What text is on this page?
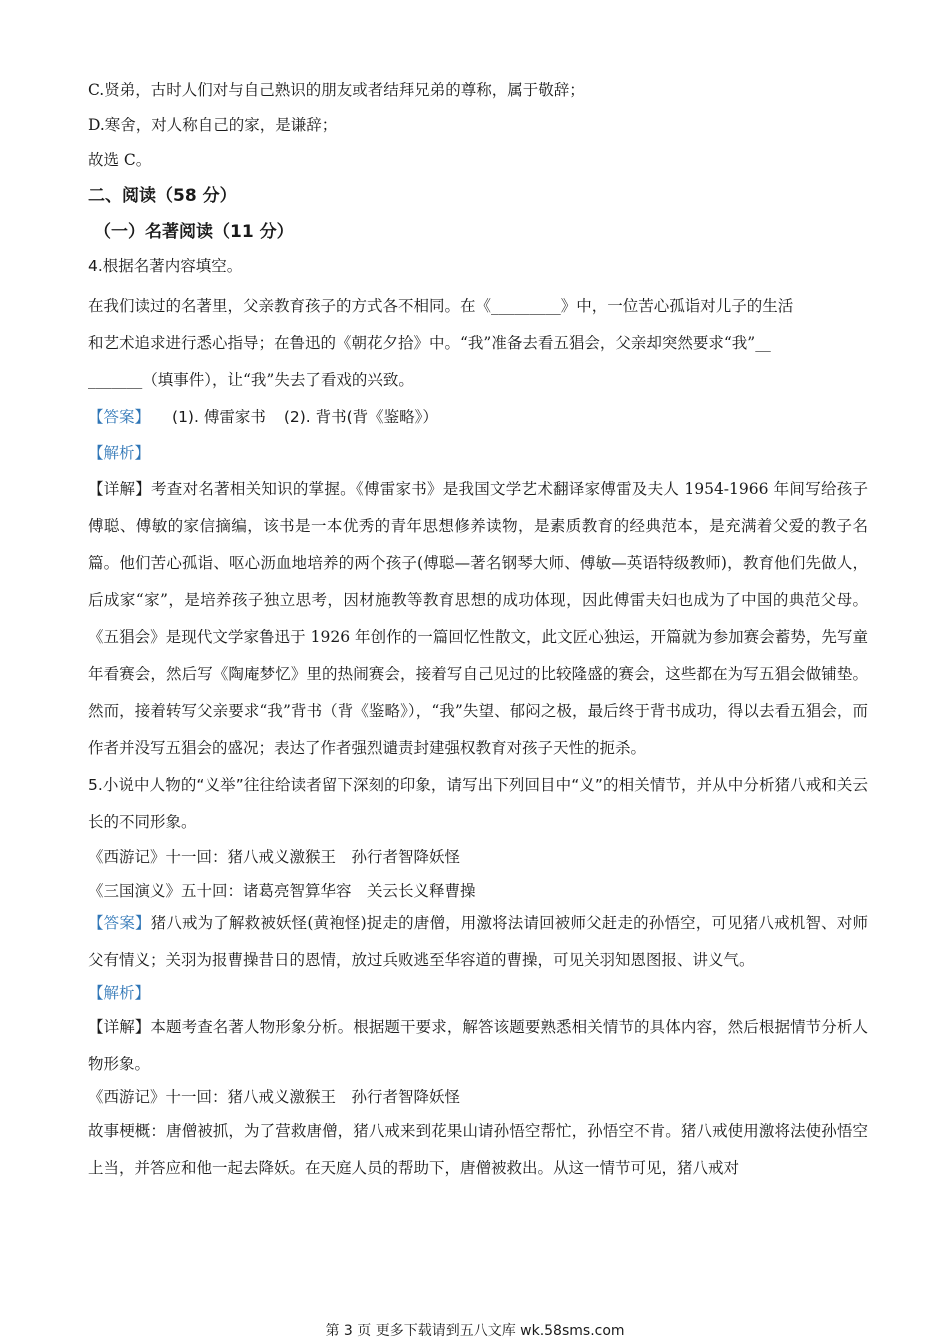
C.贤弟，古时人们对与自己熟识的朋友或者结拜兄弟的尊称，属于敬辞；
D.寒舍，对人称自己的家，是谦辞；
故选 C。
二、阅读（58 分）
（一）名著阅读（11 分）
4.根据名著内容填空。
在我们读过的名著里，父亲教育孩子的方式各不相同。在《_________》中，一位苦心孤诣对儿子的生活
和艺术追求进行悉心指导；在鲁迅的《朝花夕拾》中。“我”准备去看五猖会，父亲却突然要求“我”__
_______（填事件），让“我”失去了看戏的兴致。
【答案】 (1). 傅雷家书 (2). 背书(背《鉴略》）
【解析】
【详解】考查对名著相关知识的掌握。《傅雷家书》是我国文学艺术翻译家傅雷及夫人 1954-1966 年间写给孩子傅聪、傅敏的家信摘编，该书是一本优秀的青年思想修养读物，是素质教育的经典范本，是充满着父爱的教子名篇。他们苦心孤诣、呕心沥血地培养的两个孩子(傅聪—著名钢琴大师、傅敏—英语特级教师)，教育他们先做人，后成家“家”，是培养孩子独立思考，因材施教等教育思想的成功体现，因此傅雷夫妇也成为了中国的典范父母。《五猖会》是现代文学家鲁迅于 1926 年创作的一篇回忆性散文，此文匠心独运，开篇就为参加赛会蓄势，先写童年看赛会，然后写《陶庵梦忆》里的热闹赛会，接着写自己见过的比较隆盛的赛会，这些都在为写五猖会做铺垫。然而，接着转写父亲要求“我”背书（背《鉴略》），“我”失望、郁闷之极，最后终于背书成功，得以去看五猖会，而作者并没写五猖会的盛况；表达了作者强烈谴责封建强权教育对孩子天性的扼杀。
5.小说中人物的“义举”往往给读者留下深刻的印象，请写出下列回目中“义”的相关情节，并从中分析猪八戒和关云长的不同形象。
《西游记》十一回：猪八戒义激猴王　孙行者智降妖怪
《三国演义》五十回：诸葛亮智算华容　关云长义释曹操
【答案】猪八戒为了解救被妖怪(黄袍怪)捉走的唐僧，用激将法请回被师父赶走的孙悟空，可见猪八戒机智、对师父有情义；关羽为报曹操昔日的恩情，放过兵败逃至华容道的曹操，可见关羽知恩图报、讲义气。
【解析】
【详解】本题考查名著人物形象分析。根据题干要求，解答该题要熟悉相关情节的具体内容，然后根据情节分析人物形象。
《西游记》十一回：猪八戒义激猴王　孙行者智降妖怪
故事梗概：唐僧被抓，为了营救唐僧，猪八戒来到花果山请孙悟空帮忙，孙悟空不肯。猪八戒使用激将法使孙悟空上当，并答应和他一起去降妖。在天庭人员的帮助下，唐僧被救出。从这一情节可见，猪八戒对
第 3 页 更多下载请到五八文库 wk.58sms.com
